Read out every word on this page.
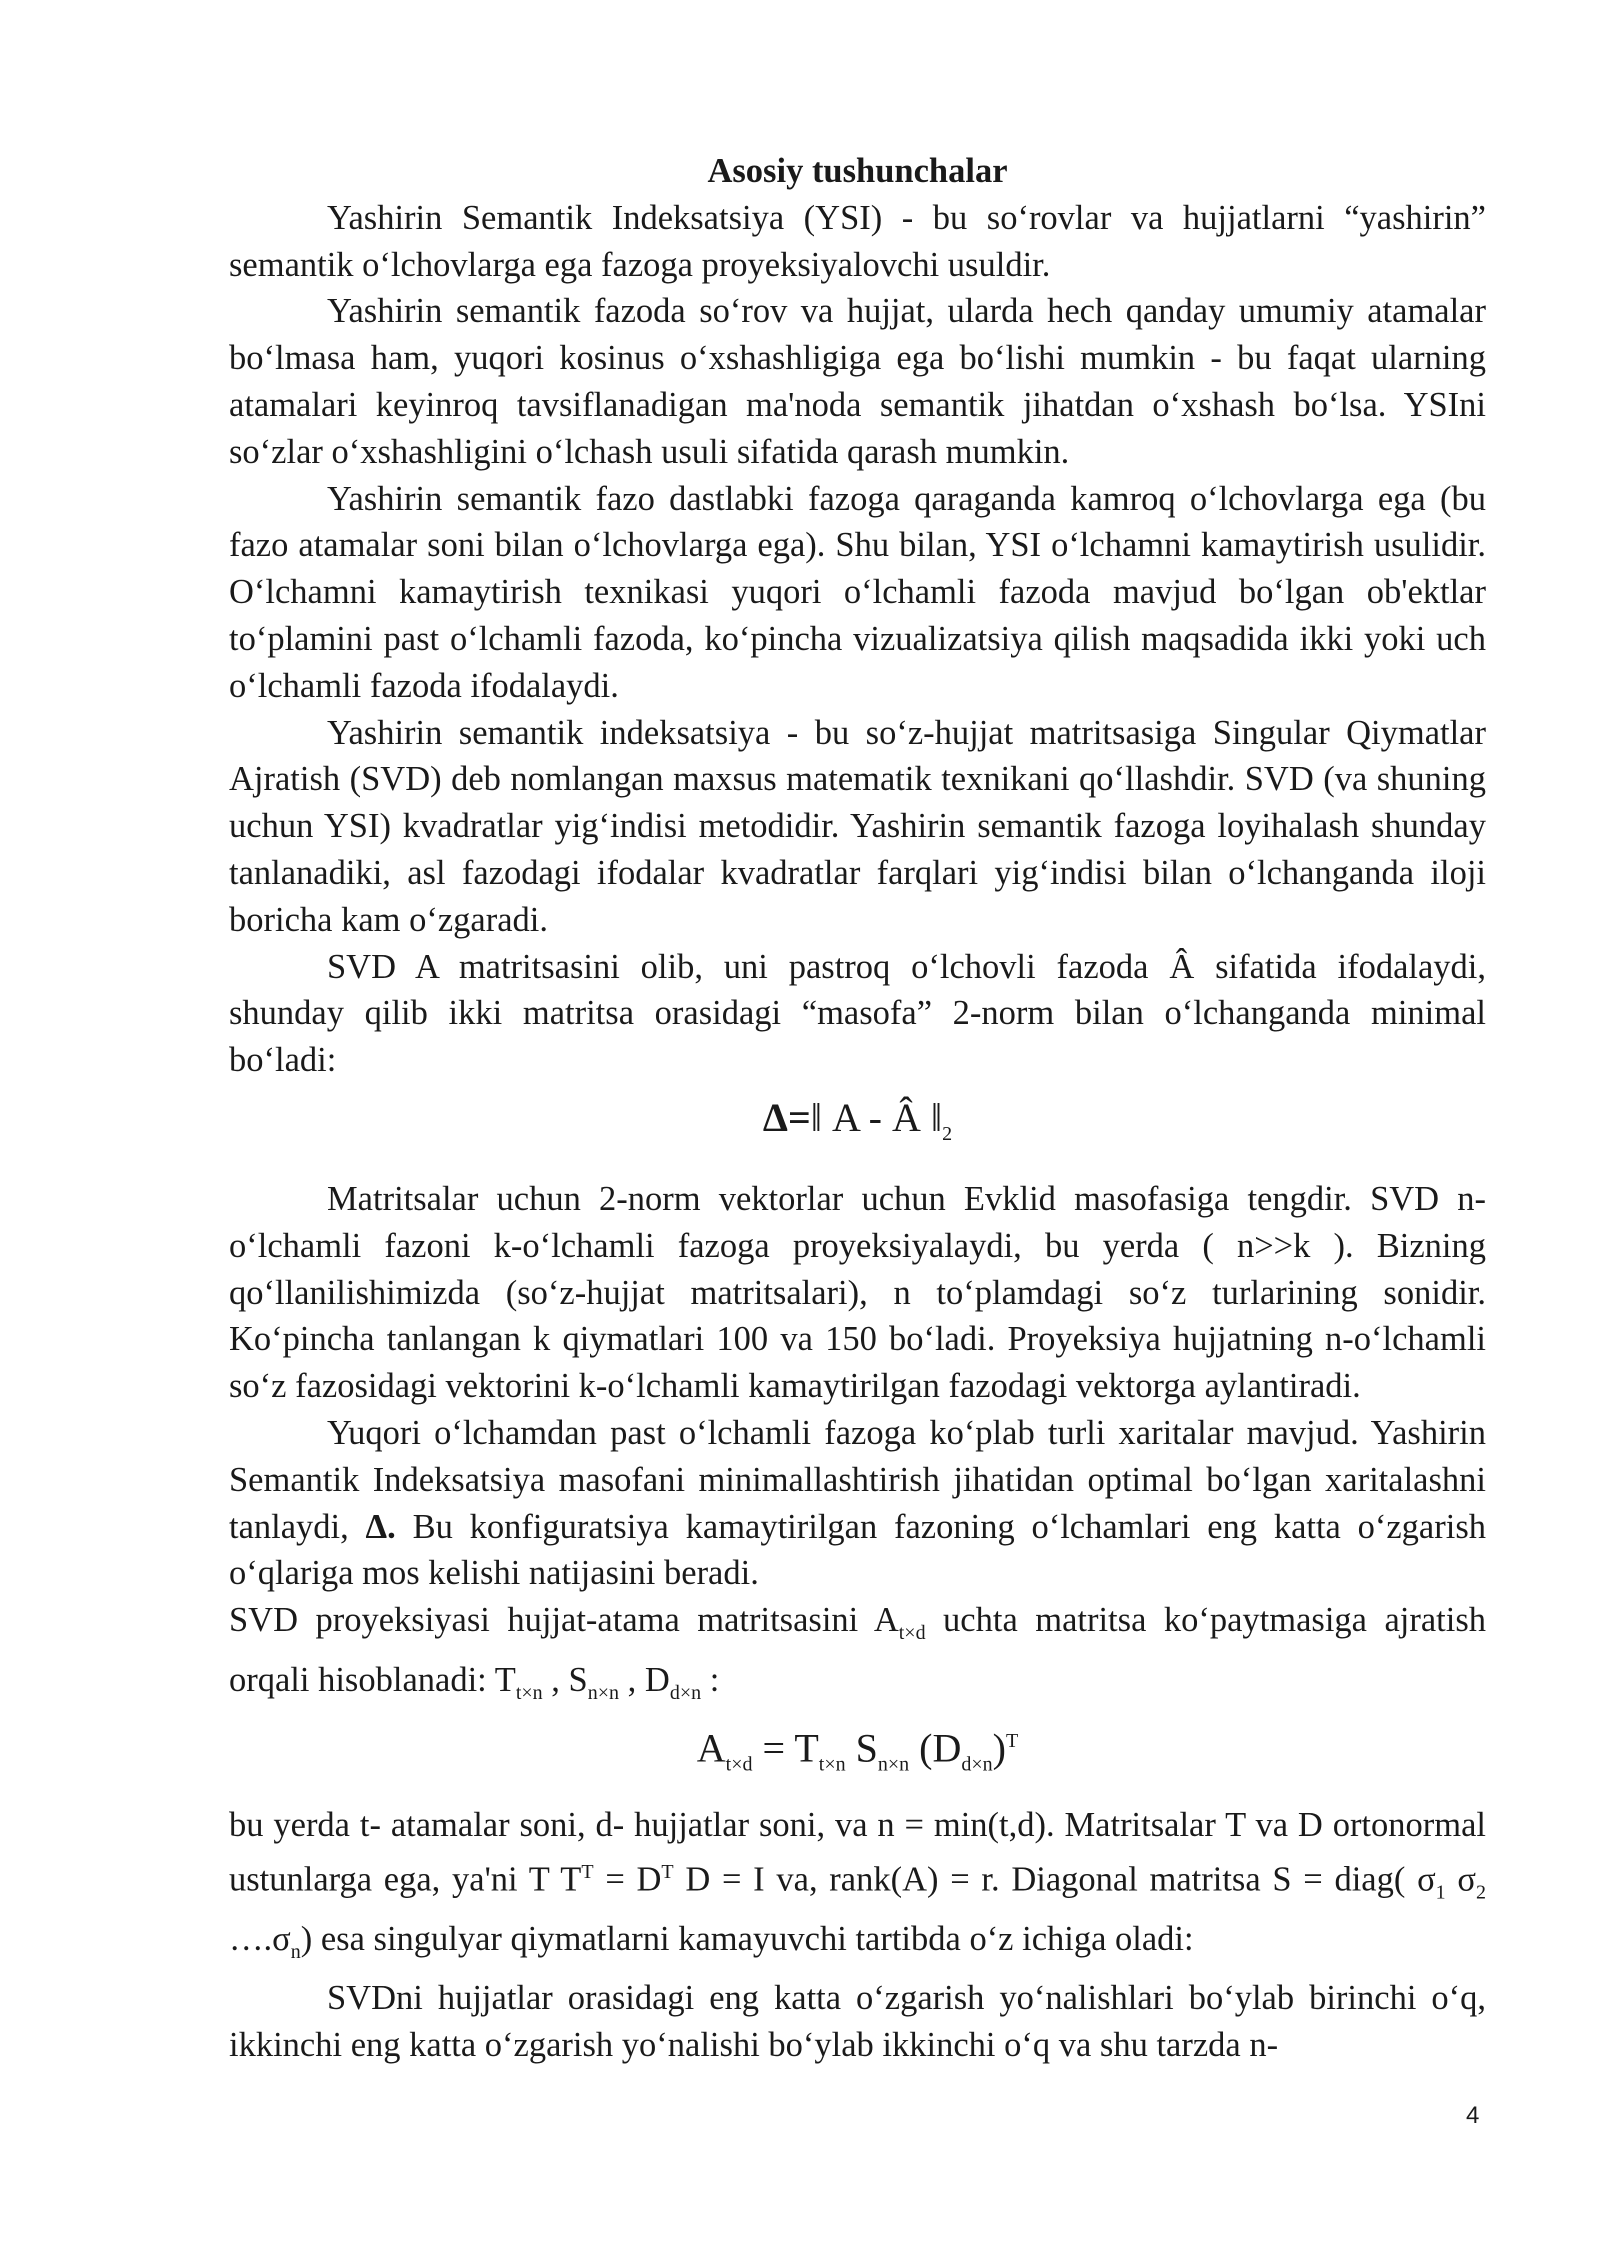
Asosiy tushunchalar

Yashirin Semantik Indeksatsiya (YSI) - bu so‘rovlar va hujjatlarni “yashirin” semantik o‘lchovlarga ega fazoga proyeksiyalovchi usuldir.

Yashirin semantik fazoda so‘rov va hujjat, ularda hech qanday umumiy atamalar bo‘lmasa ham, yuqori kosinus o‘xshashligiga ega bo‘lishi mumkin - bu faqat ularning atamalari keyinroq tavsiflanadigan ma'noda semantik jihatdan o‘xshash bo‘lsa. YSIni so‘zlar o‘xshashligini o‘lchash usuli sifatida qarash mumkin.

Yashirin semantik fazo dastlabki fazoga qaraganda kamroq o‘lchovlarga ega (bu fazo atamalar soni bilan o‘lchovlarga ega). Shu bilan, YSI o‘lchamni kamaytirish usulidir. O‘lchamni kamaytirish texnikasi yuqori o‘lchamli fazoda mavjud bo‘lgan ob'ektlar to‘plamini past o‘lchamli fazoda, ko‘pincha vizualizatsiya qilish maqsadida ikki yoki uch o‘lchamli fazoda ifodalaydi.

Yashirin semantik indeksatsiya - bu so‘z-hujjat matritsasiga Singular Qiymatlar Ajratish (SVD) deb nomlangan maxsus matematik texnikani qo‘llashdir. SVD (va shuning uchun YSI) kvadratlar yig‘indisi metodidir. Yashirin semantik fazoga loyihalash shunday tanlanadiki, asl fazodagi ifodalar kvadratlar farqlari yig‘indisi bilan o‘lchanganda iloji boricha kam o‘zgaradi.

SVD A matritsasini olib, uni pastroq o‘lchovli fazoda Â sifatida ifodalaydi, shunday qilib ikki matritsa orasidagi “masofa” 2-norm bilan o‘lchanganda minimal bo‘ladi:

Δ=‖ A - Â $‖_2$

Matritsalar uchun 2-norm vektorlar uchun Evklid masofasiga tengdir. SVD n-o‘lchamli fazoni k-o‘lchamli fazoga proyeksiyalaydi, bu yerda ( n>>k ). Bizning qo‘llanilishimizda (so‘z-hujjat matritsalari), n to‘plamdagi so‘z turlarining sonidir. Ko‘pincha tanlangan k qiymatlari 100 va 150 bo‘ladi. Proyeksiya hujjatning n-o‘lchamli so‘z fazosidagi vektorini k-o‘lchamli kamaytirilgan fazodagi vektorga aylantiradi.

Yuqori o‘lchamdan past o‘lchamli fazoga ko‘plab turli xaritalar mavjud. Yashirin Semantik Indeksatsiya masofani minimallashtirish jihatidan optimal bo‘lgan xaritalashni tanlaydi, Δ. Bu konfiguratsiya kamaytirilgan fazoning o‘lchamlari eng katta o‘zgarish o‘qlariga mos kelishi natijasini beradi.

SVD proyeksiyasi hujjat-atama matritsasini $A_{t\times d}$ uchta matritsa ko‘paytmasiga ajratish orqali hisoblanadi: $T_{t\times n}$ , $S_{n\times n}$ , $D_{d\times n}$ :

$A_{t\times d} = T_{t\times n}$ $S_{n\times n}$ $(D_{d\times n})^T$

bu yerda t- atamalar soni, d- hujjatlar soni, va n = min(t,d). Matritsalar T va D ortonormal ustunlarga ega, ya'ni T $T^T = D^T$ D = I va, rank(A) = r. Diagonal matritsa S = diag( $\sigma_1$ $\sigma_2$ $\dots.\sigma_n$) esa singulyar qiymatlarni kamayuvchi tartibda o‘z ichiga oladi:

SVDni hujjatlar orasidagi eng katta o‘zgarish yo‘nalishlari bo‘ylab birinchi o‘q, ikkinchi eng katta o‘zgarish yo‘nalishi bo‘ylab ikkinchi o‘q va shu tarzda n-

4
